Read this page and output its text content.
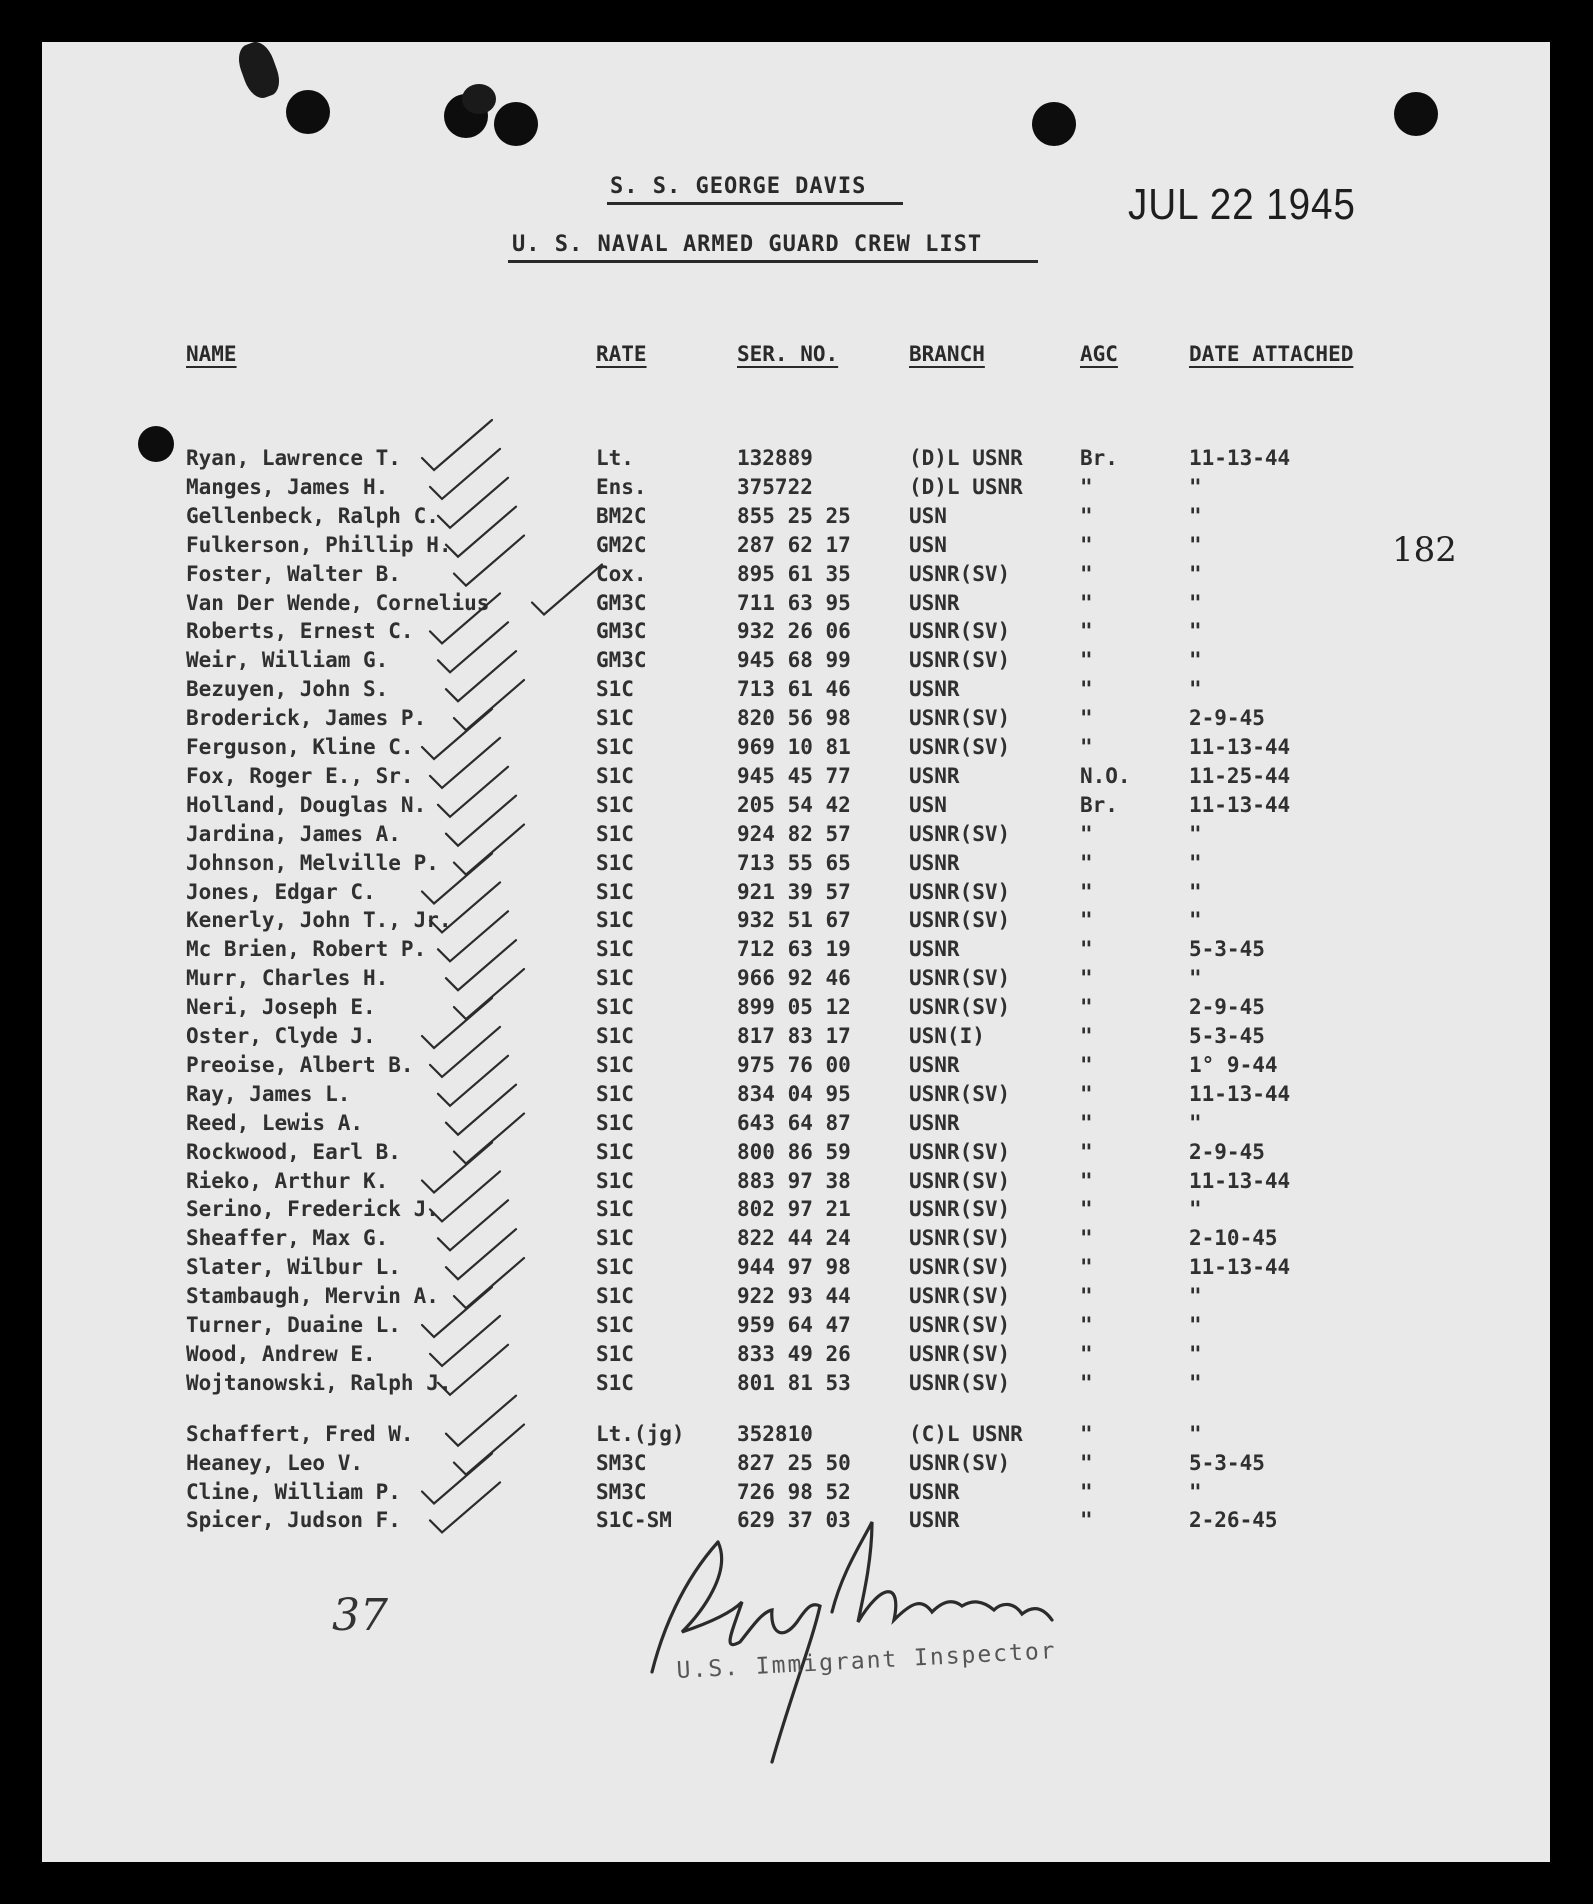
S. S. GEORGE DAVIS
U. S. NAVAL ARMED GUARD CREW LIST
JUL 22 1945
182
NAME	RATE	SER. NO.	BRANCH	AGC	DATE ATTACHED
Ryan, Lawrence T.	Lt.	132889	(D)L USNR	Br.	11-13-44
Manges, James H.	Ens.	375722	(D)L USNR	"	"
Gellenbeck, Ralph C.	BM2C	855 25 25	USN	"	"
Fulkerson, Phillip H.	GM2C	287 62 17	USN	"	"
Foster, Walter B.	Cox.	895 61 35	USNR(SV)	"	"
Van Der Wende, Cornelius	GM3C	711 63 95	USNR	"	"
Roberts, Ernest C.	GM3C	932 26 06	USNR(SV)	"	"
Weir, William G.	GM3C	945 68 99	USNR(SV)	"	"
Bezuyen, John S.	S1C	713 61 46	USNR	"	"
Broderick, James P.	S1C	820 56 98	USNR(SV)	"	2-9-45
Ferguson, Kline C.	S1C	969 10 81	USNR(SV)	"	11-13-44
Fox, Roger E., Sr.	S1C	945 45 77	USNR	N.O.	11-25-44
Holland, Douglas N.	S1C	205 54 42	USN	Br.	11-13-44
Jardina, James A.	S1C	924 82 57	USNR(SV)	"	"
Johnson, Melville P.	S1C	713 55 65	USNR	"	"
Jones, Edgar C.	S1C	921 39 57	USNR(SV)	"	"
Kenerly, John T., Jr.	S1C	932 51 67	USNR(SV)	"	"
Mc Brien, Robert P.	S1C	712 63 19	USNR	"	5-3-45
Murr, Charles H.	S1C	966 92 46	USNR(SV)	"	"
Neri, Joseph E.	S1C	899 05 12	USNR(SV)	"	2-9-45
Oster, Clyde J.	S1C	817 83 17	USN(I)	"	5-3-45
Preoise, Albert B.	S1C	975 76 00	USNR	"	1° 9-44
Ray, James L.	S1C	834 04 95	USNR(SV)	"	11-13-44
Reed, Lewis A.	S1C	643 64 87	USNR	"	"
Rockwood, Earl B.	S1C	800 86 59	USNR(SV)	"	2-9-45
Rieko, Arthur K.	S1C	883 97 38	USNR(SV)	"	11-13-44
Serino, Frederick J.	S1C	802 97 21	USNR(SV)	"	"
Sheaffer, Max G.	S1C	822 44 24	USNR(SV)	"	2-10-45
Slater, Wilbur L.	S1C	944 97 98	USNR(SV)	"	11-13-44
Stambaugh, Mervin A.	S1C	922 93 44	USNR(SV)	"	"
Turner, Duaine L.	S1C	959 64 47	USNR(SV)	"	"
Wood, Andrew E.	S1C	833 49 26	USNR(SV)	"	"
Wojtanowski, Ralph J.	S1C	801 81 53	USNR(SV)	"	"
Schaffert, Fred W.	Lt.(jg) 352810	(C)L USNR	"	"
Heaney, Leo V.	SM3C	827 25 50	USNR(SV)	"	5-3-45
Cline, William P.	SM3C	726 98 52	USNR	"	"
Spicer, Judson F.	S1C-SM	629 37 03	USNR	"	2-26-45
37
U.S. Immigrant Inspector
